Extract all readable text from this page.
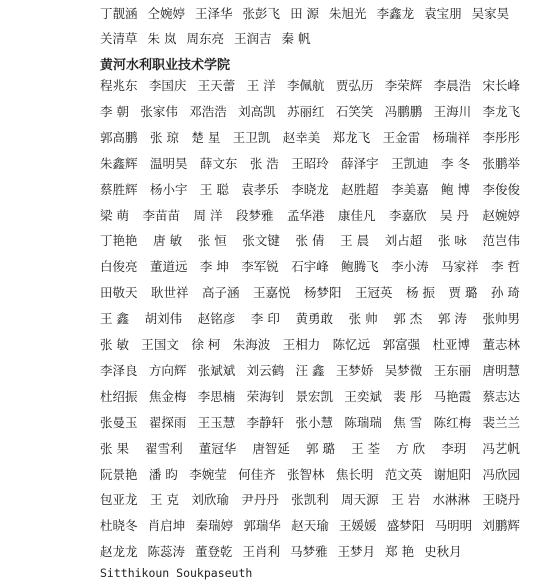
黄河水利职业技术学院
Sitthikoun Soukpaseuth
丁靓涵 仝婉婷 王泽华 张彭飞 田 源 朱旭光 李鑫龙 袁宝朋 吴家昊
关清草 朱 岚 周东亮 王润吉 秦 帆
程兆东 李国庆 王天蕾 王 洋 李佩航 贾弘历 李荣辉 李晨浩 宋长峰
李 朝 张家伟 邓浩浩 刘高凯 苏丽红 石笑笑 冯鹏鹏 王海川 李龙飞
郭高鹏 张 琼 楚 星 王卫凯 赵幸美 郑龙飞 王金雷 杨瑞祥 李彤彤
朱鑫辉 温明昊 薛文东 张 浩 王昭玲 薛泽宇 王凯迪 李 冬 张鹏举
蔡胜辉 杨小宇 王 聪 袁孝乐 李晓龙 赵胜超 李美嘉 鲍 博 李俊俊
梁 萌 李苗苗 周 洋 段梦雅 孟华港 康佳凡 李嘉欣 吴 丹 赵婉婷
丁艳艳 唐 敏 张 恒 张文键 张 倩 王 晨 刘占超 张 咏 范岂伟
白俊亮 董道远 李 坤 李军锐 石宇峰 鲍腾飞 李小涛 马家祥 李 哲
田敬天 耿世祥 高子涵 王嘉悦 杨梦阳 王冠英 杨 振 贾 璐 孙 琦
王 鑫 胡刘伟 赵铭彦 李 印 黄勇敢 张 帅 郭 杰 郭 涛 张帅男
张 敏 王国文 徐 柯 朱海波 王相力 陈忆远 郭富强 杜亚博 董志林
李泽良 方向辉 张斌斌 刘云鹤 汪 鑫 王梦娇 吴梦微 王东丽 唐明慧
杜绍振 焦金梅 李思楠 荣海钊 景宏凯 王奕斌 裴 彤 马艳霞 蔡志达
张曼玉 翟探雨 王玉慧 李静轩 张小慧 陈瑞瑞 焦 雪 陈红梅 裴兰兰
张 果 翟雪利 董冠华 唐智延 郭 璐 王 荃 方 欣 李玥 冯艺帆
阮景艳 潘 昀 李婉莹 何佳齐 张智林 焦长明 范文英 谢旭阳 冯欣园
包亚龙 王 克 刘欣瑜 尹丹丹 张凯利 周天源 王 岩 水淋淋 王晓丹
杜晓冬 肖启坤 秦瑞婷 郭瑞华 赵天瑜 王媛媛 盛梦阳 马明明 刘鹏辉
赵龙龙 陈蕊涛 董登乾 王肖利 马梦雅 王梦月 郑 艳 史秋月
